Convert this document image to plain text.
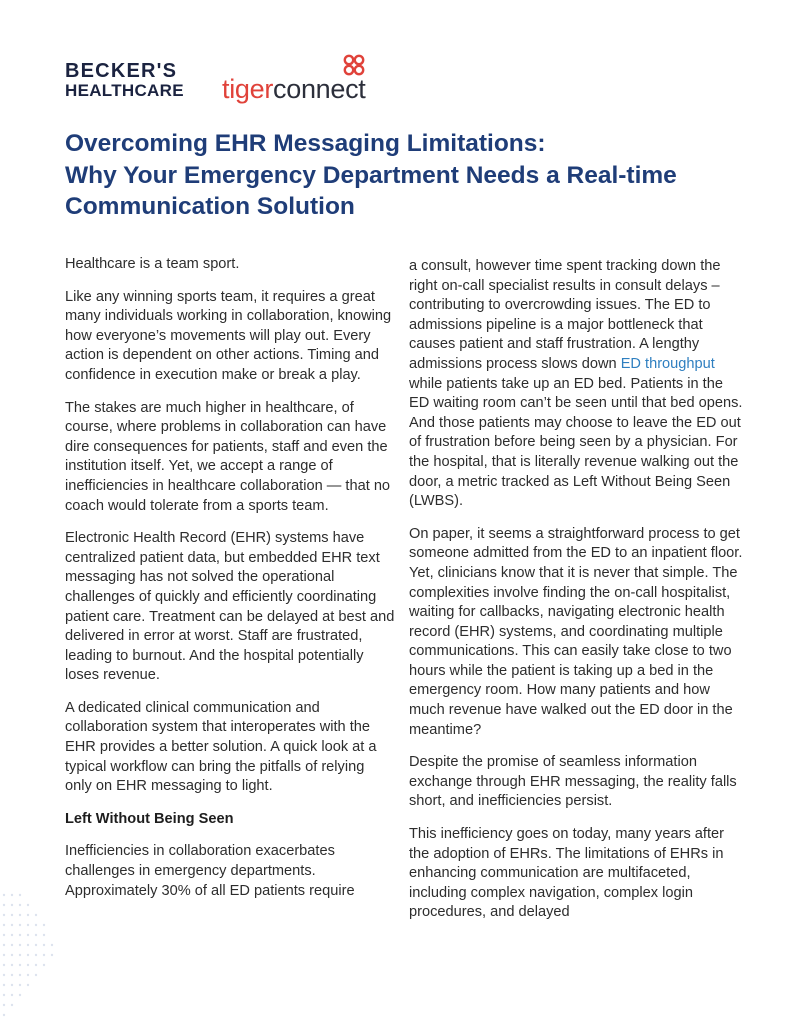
BECKER'S
HEALTHCARE tigerconnect
Overcoming EHR Messaging Limitations:
Why Your Emergency Department Needs a Real-time
Communication Solution

Healthcare is a team sport.

Like any winning sports team, it requires a great many individuals working in collaboration, knowing how everyone’s movements will play out. Every action is dependent on other actions. Timing and confidence in execution make or break a play.

The stakes are much higher in healthcare, of course, where problems in collaboration can have dire consequences for patients, staff and even the institution itself. Yet, we accept a range of inefficiencies in healthcare collaboration — that no coach would tolerate from a sports team.

Electronic Health Record (EHR) systems have centralized patient data, but embedded EHR text messaging has not solved the operational challenges of quickly and efficiently coordinating patient care. Treatment can be delayed at best and delivered in error at worst. Staff are frustrated, leading to burnout. And the hospital potentially loses revenue.

A dedicated clinical communication and collaboration system that interoperates with the EHR provides a better solution. A quick look at a typical workflow can bring the pitfalls of relying only on EHR messaging to light.

Left Without Being Seen

Inefficiencies in collaboration exacerbates challenges in emergency departments. Approximately 30% of all ED patients require

a consult, however time spent tracking down the right on-call specialist results in consult delays – contributing to overcrowding issues. The ED to admissions pipeline is a major bottleneck that causes patient and staff frustration. A lengthy admissions process slows down ED throughput while patients take up an ED bed. Patients in the ED waiting room can’t be seen until that bed opens. And those patients may choose to leave the ED out of frustration before being seen by a physician. For the hospital, that is literally revenue walking out the door, a metric tracked as Left Without Being Seen (LWBS).

On paper, it seems a straightforward process to get someone admitted from the ED to an inpatient floor. Yet, clinicians know that it is never that simple. The complexities involve finding the on-call hospitalist, waiting for callbacks, navigating electronic health record (EHR) systems, and coordinating multiple communications. This can easily take close to two hours while the patient is taking up a bed in the emergency room. How many patients and how much revenue have walked out the ED door in the meantime?

Despite the promise of seamless information exchange through EHR messaging, the reality falls short, and inefficiencies persist.

This inefficiency goes on today, many years after the adoption of EHRs. The limitations of EHRs in enhancing communication are multifaceted, including complex navigation, complex login procedures, and delayed
